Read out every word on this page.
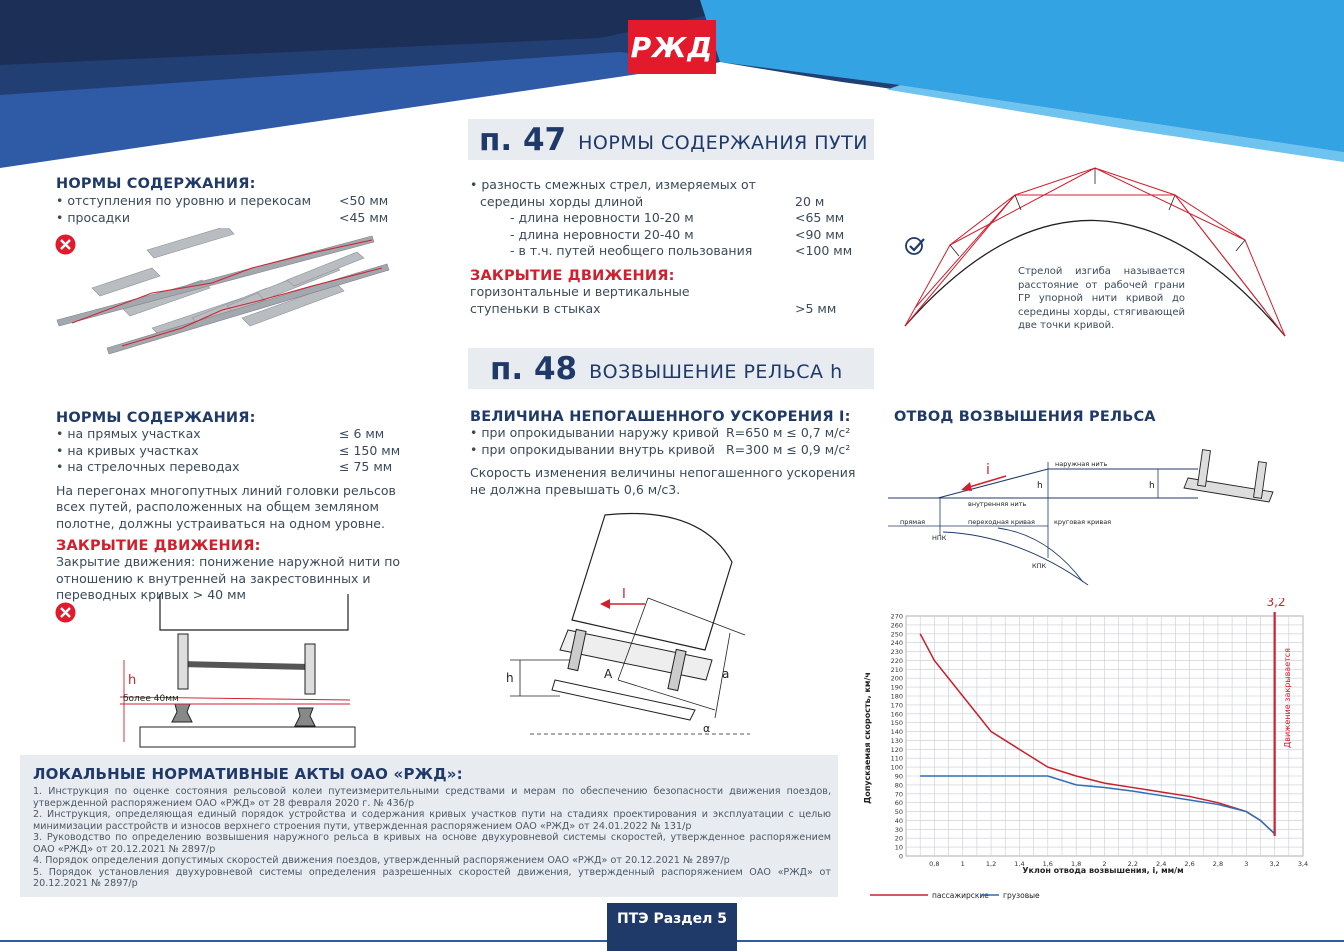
РЖД
п. 47 НОРМЫ СОДЕРЖАНИЯ ПУТИ
НОРМЫ СОДЕРЖАНИЯ:
• отступления по уровню и перекосам <50 мм
• просадки	<45 мм
• разность смежных стрел, измеряемых от
середины хорды длиной	20 м
- длина неровности 10-20 м	<65 мм
- длина неровности 20-40 м	<90 мм
- в т.ч. путей необщего пользования	<100 мм
ЗАКРЫТИЕ ДВИЖЕНИЯ:
горизонтальные и вертикальные
ступеньки в стыках	>5 мм
Стрелой изгиба называется расстояние от рабочей грани ГР упорной нити кривой до середины хорды, стягивающей две точки кривой.
п. 48 ВОЗВЫШЕНИЕ РЕЛЬСА h
НОРМЫ СОДЕРЖАНИЯ:
• на прямых участках	≤ 6 мм
• на кривых участках	≤ 150 мм
• на стрелочных переводах	≤ 75 мм
На перегонах многопутных линий головки рельсов всех путей, расположенных на общем земляном полотне, должны устраиваться на одном уровне.
ЗАКРЫТИЕ ДВИЖЕНИЯ:
Закрытие движения: понижение наружной нити по отношению к внутренней на закрестовинных и переводных кривых > 40 мм
h
более 40мм
ВЕЛИЧИНА НЕПОГАШЕННОГО УСКОРЕНИЯ I:
• при опрокидывании наружу кривой R=650 м ≤ 0,7 м/с²
• при опрокидывании внутрь кривой R=300 м ≤ 0,9 м/с²
Скорость изменения величины непогашенного ускорения не должна превышать 0,6 м/с3.
I
A	a
h
α
ОТВОД ВОЗВЫШЕНИЯ РЕЛЬСА
i	наружная нить
внутренняя нить
h	h
прямая	переходная кривая	круговая кривая
НПК
КПК
0
10
20
30
40
50
60
70
80
90
100
110
120
130
140
150
160
170
180
190
200
210
220
230
240
250
260
270
0,8	1	1,2	1,4	1,6	1,8	2	2,2	2,4	2,6	2,8	3	3,2	3,4
Уклон отвода возвышения, i, мм/м
Допускаемая скорость, км/ч
3,2
Движение закрывается
пассажирские грузовые
ЛОКАЛЬНЫЕ НОРМАТИВНЫЕ АКТЫ ОАО «РЖД»:
1. Инструкция по оценке состояния рельсовой колеи путеизмерительными средствами и мерам по обеспечению безопасности движения поездов, утвержденной распоряжением ОАО «РЖД» от 28 февраля 2020 г. № 436/р
2. Инструкция, определяющая единый порядок устройства и содержания кривых участков пути на стадиях проектирования и эксплуатации с целью минимизации расстройств и износов верхнего строения пути, утвержденная распоряжением ОАО «РЖД» от 24.01.2022 № 131/р
3. Руководство по определению возвышения наружного рельса в кривых на основе двухуровневой системы скоростей, утвержденное распоряжением ОАО «РЖД» от 20.12.2021 № 2897/р
4. Порядок определения допустимых скоростей движения поездов, утвержденный распоряжением ОАО «РЖД» от 20.12.2021 № 2897/р
5. Порядок установления двухуровневой системы определения разрешенных скоростей движения, утвержденный распоряжением ОАО «РЖД» от 20.12.2021 № 2897/р
ПТЭ Раздел 5
